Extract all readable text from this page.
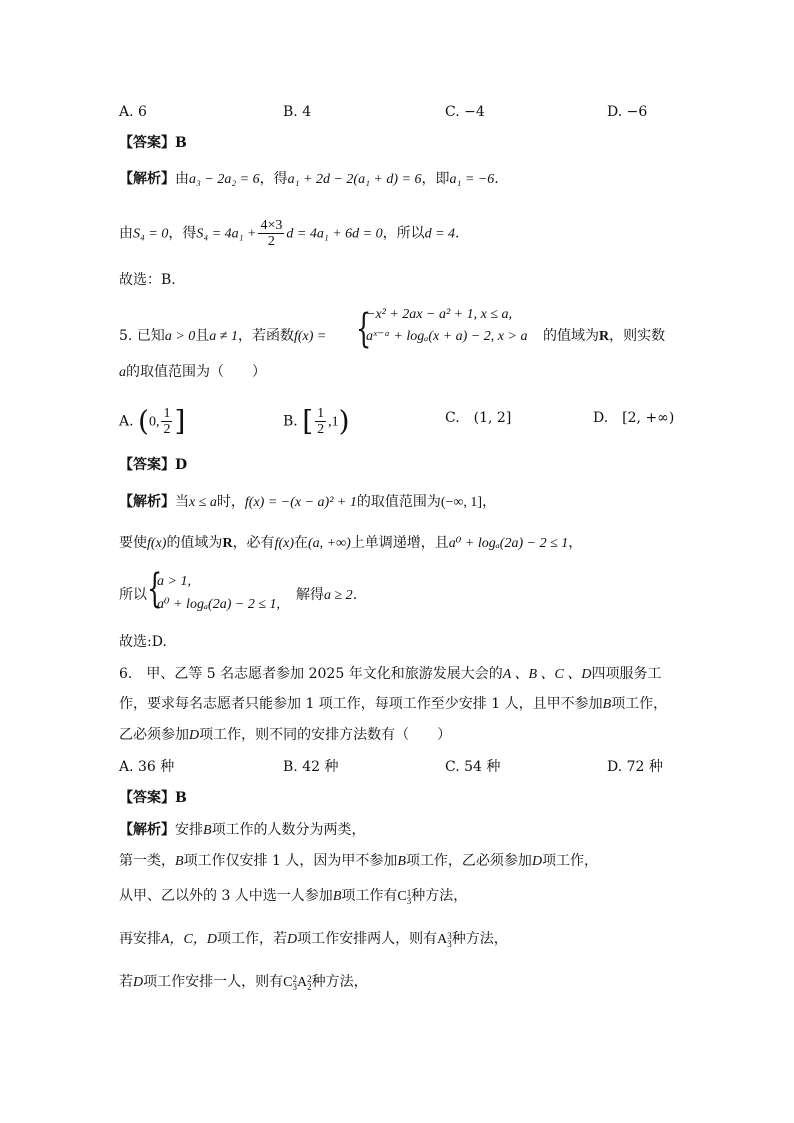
A. 6	B. 4	C. −4	D. −6
【答案】B
【解析】由a₃ − 2a₂ = 6，得a₁ + 2d − 2(a₁ + d) = 6，即a₁ = −6.
由S₄ = 0，得$S_4 = 4a_1 + \frac{4\times 3}{2}$ d = 4a₁ + 6d = 0，所以d = 4.
故选：B.
5. 已知a > 0且a ≠ 1，若函数f(x) = {
−x² + 2ax − a² + 1, x ≤ a,
aˣ⁻ᵃ + logₐ(x + a) − 2, x > a 的值域为R，则实数
a的取值范围为（　　）
A. (0, $\frac{1}{2}$ ]	B. [ $\frac{1}{2} ,1$)	C.　(1, 2]	D.　[2, +∞)
【答案】D
【解析】当x ≤ a时，f(x) = −(x − a)² + 1的取值范围为(−∞, 1]，
要使f(x)的值域为R，必有f(x)在(a, +∞)上单调递增，且a⁰ + logₐ(2a) − 2 ≤ 1，
所以 {
a > 1,
a⁰ + logₐ(2a) − 2 ≤ 1,
解得a ≥ 2.
故选:D.
6.　甲、乙等 5 名志愿者参加 2025 年文化和旅游发展大会的A 、B 、C 、D四项服务工
作，要求每名志愿者只能参加 1 项工作，每项工作至少安排 1 人，且甲不参加B项工作，
乙必须参加D项工作，则不同的安排方法数有（　　）
A. 36 种	B. 42 种	C. 54 种	D. 72 种
【答案】B
【解析】安排B项工作的人数分为两类，
第一类，B项工作仅安排 1 人，因为甲不参加B项工作，乙必须参加D项工作，
从甲、乙以外的 3 人中选一人参加B项工作有C 1
3 种方法，
再安排A，C，D项工作，若D项工作安排两人，则有A 3
3 种方法，
若D项工作安排一人，则有C 2
3 A 2
2 种方法，
